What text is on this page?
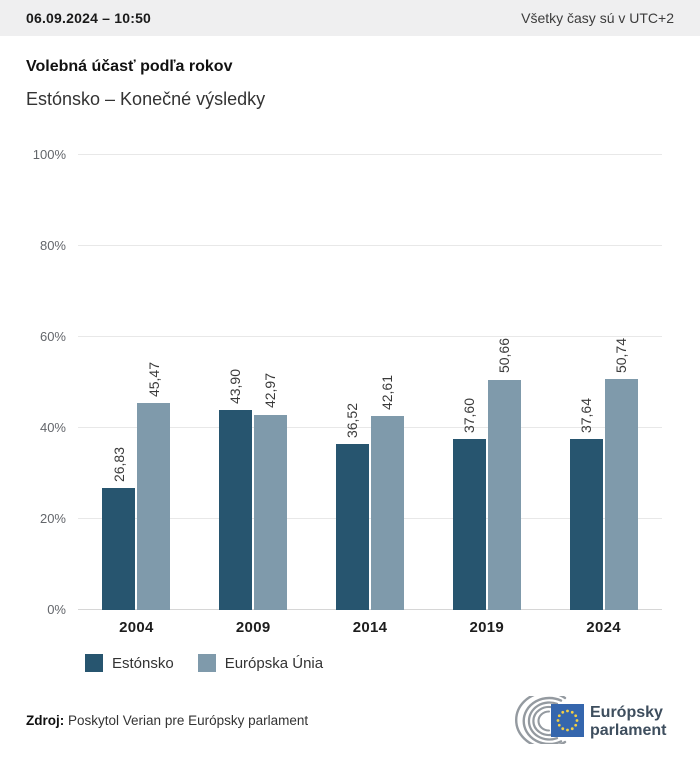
06.09.2024 – 10:50	Všetky časy sú v UTC+2
Volebná účasť podľa rokov
Estónsko – Konečné výsledky
0%
20%
40%
60%
80%
100%
26,83
45,47
2004
43,90 42,97
2009
36,52
42,61
2014
37,60
50,66
2019
37,64
50,74
2024
Estónsko	Európska Únia
Zdroj: Poskytol Verian pre Európsky parlament	Európsky
parlament
